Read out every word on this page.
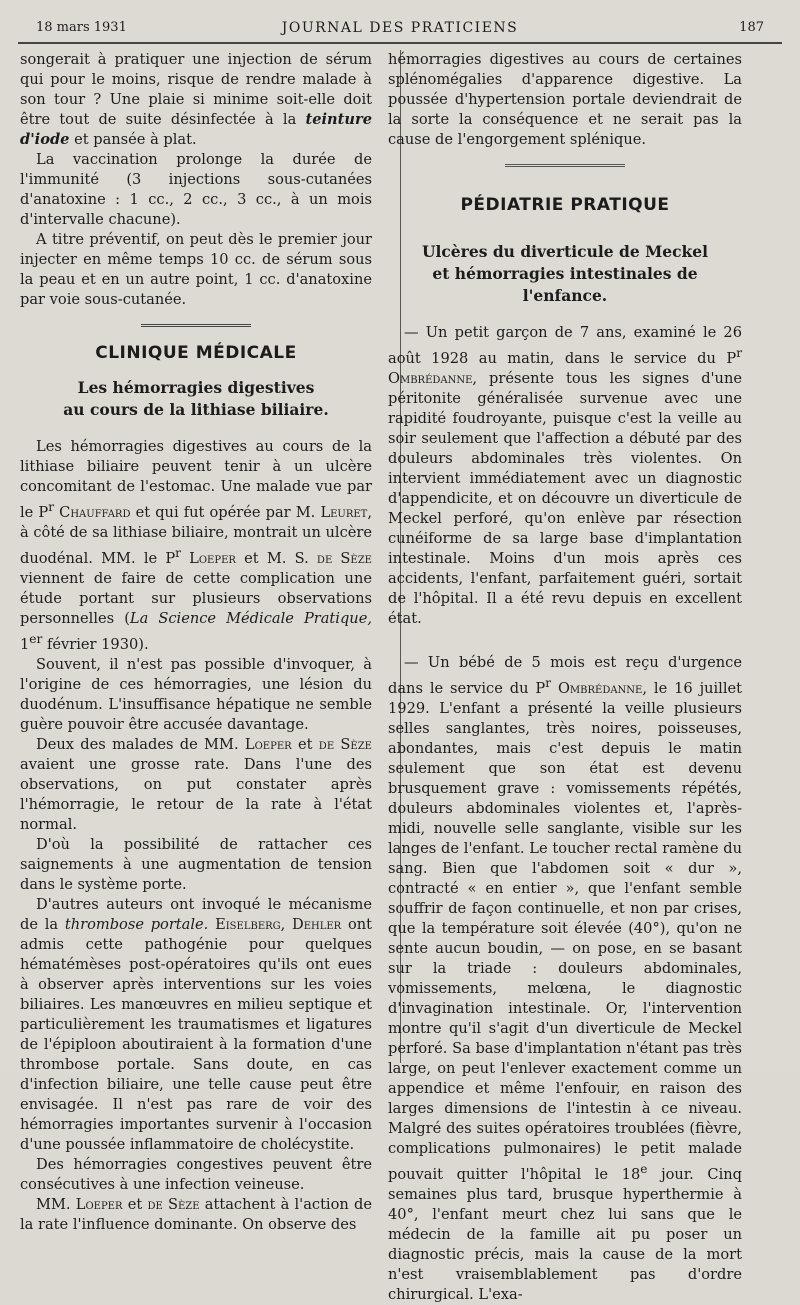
18 mars 1931	JOURNAL DES PRATICIENS	187

songerait à pratiquer une injection de sérum qui pour le moins, risque de rendre malade à son tour ? Une plaie si minime soit-elle doit être tout de suite désinfectée à la teinture d'iode et pansée à plat.

La vaccination prolonge la durée de l'immunité (3 injections sous-cutanées d'anatoxine : 1 cc., 2 cc., 3 cc., à un mois d'intervalle chacune).

A titre préventif, on peut dès le premier jour injecter en même temps 10 cc. de sérum sous la peau et en un autre point, 1 cc. d'anatoxine par voie sous-cutanée.

CLINIQUE MÉDICALE
Les hémorragies digestives
au cours de la lithiase biliaire.

Les hémorragies digestives au cours de la lithiase biliaire peuvent tenir à un ulcère concomitant de l'estomac. Une malade vue par le $P^r$ Chauffard et qui fut opérée par M. Leuret, à côté de sa lithiase biliaire, montrait un ulcère duodénal. MM. le $P^r$ Loeper et M. S. de Sèze viennent de faire de cette complication une étude portant sur plusieurs observations personnelles (La Science Médicale Pratique, 1er février 1930).

Souvent, il n'est pas possible d'invoquer, à l'origine de ces hémorragies, une lésion du duodénum. L'insuffisance hépatique ne semble guère pouvoir être accusée davantage.

Deux des malades de MM. Loeper et de Sèze avaient une grosse rate. Dans l'une des observations, on put constater après l'hémorragie, le retour de la rate à l'état normal.

D'où la possibilité de rattacher ces saignements à une augmentation de tension dans le système porte.

D'autres auteurs ont invoqué le mécanisme de la thrombose portale. Eiselberg, Dehler ont admis cette pathogénie pour quelques hématémèses post-opératoires qu'ils ont eues à observer après interventions sur les voies biliaires. Les manœuvres en milieu septique et particulièrement les traumatismes et ligatures de l'épiploon aboutiraient à la formation d'une thrombose portale. Sans doute, en cas d'infection biliaire, une telle cause peut être envisagée. Il n'est pas rare de voir des hémorragies importantes survenir à l'occasion d'une poussée inflammatoire de cholécystite.

Des hémorragies congestives peuvent être consécutives à une infection veineuse.

MM. Loeper et de Sèze attachent à l'action de la rate l'influence dominante. On observe des

hémorragies digestives au cours de certaines splénomégalies d'apparence digestive. La poussée d'hypertension portale deviendrait de la sorte la conséquence et ne serait pas la cause de l'engorgement splénique.

PÉDIATRIE PRATIQUE
Ulcères du diverticule de Meckel
et hémorragies intestinales de l'enfance.

— Un petit garçon de 7 ans, examiné le 26 août 1928 au matin, dans le service du $P^r$ Ombrédanne, présente tous les signes d'une péritonite généralisée survenue avec une rapidité foudroyante, puisque c'est la veille au soir seulement que l'affection a débuté par des douleurs abdominales très violentes. On intervient immédiatement avec un diagnostic d'appendicite, et on découvre un diverticule de Meckel perforé, qu'on enlève par résection cunéiforme de sa large base d'implantation intestinale. Moins d'un mois après ces accidents, l'enfant, parfaitement guéri, sortait de l'hôpital. Il a été revu depuis en excellent état.

— Un bébé de 5 mois est reçu d'urgence dans le service du $P^r$ Ombrédanne, le 16 juillet 1929. L'enfant a présenté la veille plusieurs selles sanglantes, très noires, poisseuses, abondantes, mais c'est depuis le matin seulement que son état est devenu brusquement grave : vomissements répétés, douleurs abdominales violentes et, l'après-midi, nouvelle selle sanglante, visible sur les langes de l'enfant. Le toucher rectal ramène du sang. Bien que l'abdomen soit « dur », contracté « en entier », que l'enfant semble souffrir de façon continuelle, et non par crises, que la température soit élevée (40°), qu'on ne sente aucun boudin, — on pose, en se basant sur la triade : douleurs abdominales, vomissements, melœna, le diagnostic d'invagination intestinale. Or, l'intervention montre qu'il s'agit d'un diverticule de Meckel perforé. Sa base d'implantation n'étant pas très large, on peut l'enlever exactement comme un appendice et même l'enfouir, en raison des larges dimensions de l'intestin à ce niveau. Malgré des suites opératoires troublées (fièvre, complications pulmonaires) le petit malade pouvait quitter l'hôpital le 18e jour. Cinq semaines plus tard, brusque hyperthermie à 40°, l'enfant meurt chez lui sans que le médecin de la famille ait pu poser un diagnostic précis, mais la cause de la mort n'est vraisemblablement pas d'ordre chirurgical. L'exa-
